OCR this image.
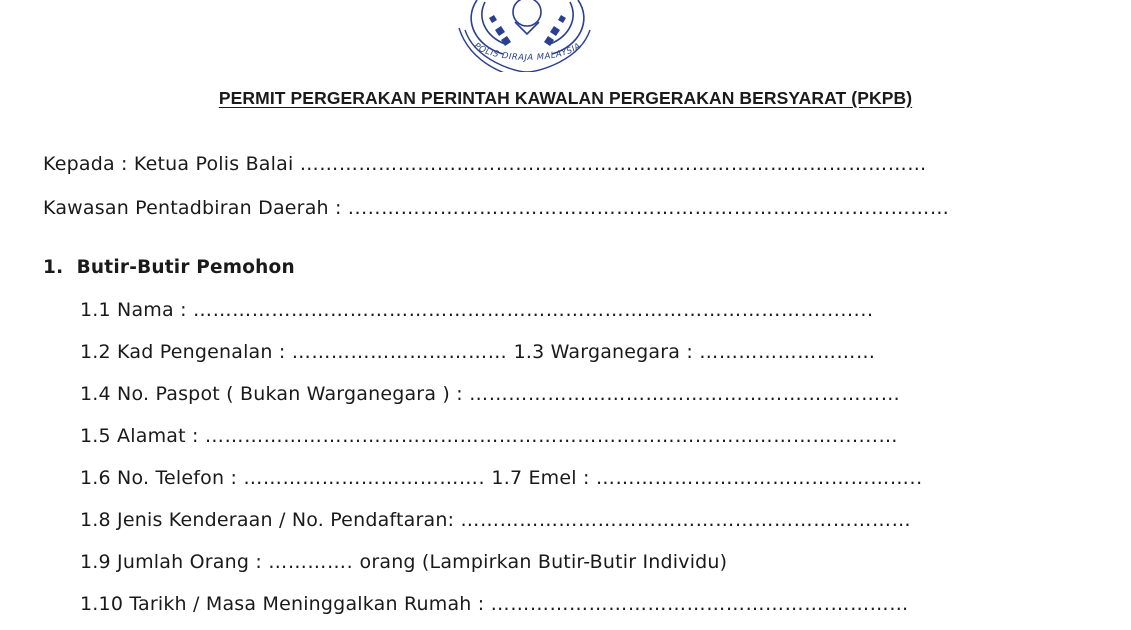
POLIS DIRAJA MALAYSIA
PERMIT PERGERAKAN PERINTAH KAWALAN PERGERAKAN BERSYARAT (PKPB)
Kepada : Ketua Polis Balai ……………………………………………………………………………………
Kawasan Pentadbiran Daerah : .....……………………………………………………………………………
1. Butir-Butir Pemohon
1.1 Nama : …………………………………………………………………………………...........
1.2 Kad Pengenalan : …………………………… 1.3 Warganegara : ………………………
1.4 No. Paspot ( Bukan Warganegara ) : …………………………………………………………
1.5 Alamat : …………………………………………………………………………………….......…
1.6 No. Telefon : ………………………………. 1.7 Emel : …………………………………………..
1.8 Jenis Kenderaan / No. Pendaftaran: ……………………………………………………………
1.9 Jumlah Orang : …………. orang (Lampirkan Butir-Butir Individu)
1.10 Tarikh / Masa Meninggalkan Rumah : …………………………………………….…………
